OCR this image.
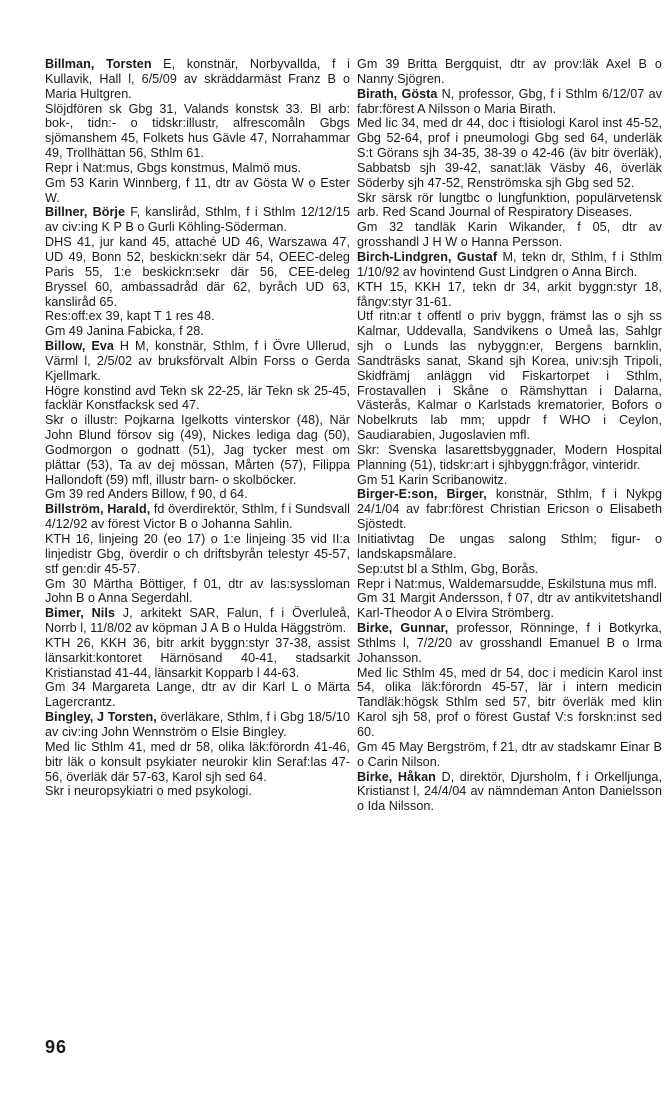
Billman, Torsten E, konstnär, Norbyvallda, f i Kullavik, Hall l, 6/5/09 av skräddarmäst Franz B o Maria Hultgren.

Slöjdfören sk Gbg 31, Valands konstsk 33. Bl arb: bok-, tidn:- o tidskr:illustr, alfrescomåln Gbgs sjömanshem 45, Folkets hus Gävle 47, Norrahammar 49, Trollhättan 56, Sthlm 61.

Repr i Nat:mus, Gbgs konstmus, Malmö mus.

Gm 53 Karin Winnberg, f 11, dtr av Gösta W o Ester W.

Billner, Börje F, kansliråd, Sthlm, f i Sthlm 12/12/15 av civ:ing K P B o Gurli Köhling-Söderman.

DHS 41, jur kand 45, attaché UD 46, Warszawa 47, UD 49, Bonn 52, beskickn:sekr där 54, OEEC-deleg Paris 55, 1:e beskickn:sekr där 56, CEE-deleg Bryssel 60, ambassadråd där 62, byråch UD 63, kansliråd 65.

Res:off:ex 39, kapt T 1 res 48.

Gm 49 Janina Fabicka, f 28.

Billow, Eva H M, konstnär, Sthlm, f i Övre Ullerud, Värml l, 2/5/02 av bruksförvalt Albin Forss o Gerda Kjellmark.

Högre konstind avd Tekn sk 22-25, lär Tekn sk 25-45, facklär Konstfacksk sed 47.

Skr o illustr: Pojkarna Igelkotts vinterskor (48), När John Blund försov sig (49), Nickes lediga dag (50), Godmorgon o godnatt (51), Jag tycker mest om plättar (53), Ta av dej mössan, Mårten (57), Filippa Hallondoft (59) mfl, illustr barn- o skolböcker.

Gm 39 red Anders Billow, f 90, d 64.

Billström, Harald, fd överdirektör, Sthlm, f i Sundsvall 4/12/92 av förest Victor B o Johanna Sahlin.

KTH 16, linjeing 20 (eo 17) o 1:e linjeing 35 vid II:a linjedistr Gbg, överdir o ch driftsbyrån telestyr 45-57, stf gen:dir 45-57.

Gm 30 Märtha Böttiger, f 01, dtr av las:syssloman John B o Anna Segerdahl.

Bimer, Nils J, arkitekt SAR, Falun, f i Överluleå, Norrb l, 11/8/02 av köpman J A B o Hulda Häggström.

KTH 26, KKH 36, bitr arkit byggn:styr 37-38, assist länsarkit:kontoret Härnösand 40-41, stadsarkit Kristianstad 41-44, länsarkit Kopparb l 44-63.

Gm 34 Margareta Lange, dtr av dir Karl L o Märta Lagercrantz.

Bingley, J Torsten, överläkare, Sthlm, f i Gbg 18/5/10 av civ:ing John Wennström o Elsie Bingley.

Med lic Sthlm 41, med dr 58, olika läk:förordn 41-46, bitr läk o konsult psykiater neurokir klin Seraf:las 47-56, överläk där 57-63, Karol sjh sed 64.

Skr i neuropsykiatri o med psykologi.

Gm 39 Britta Bergquist, dtr av prov:läk Axel B o Nanny Sjögren.

Birath, Gösta N, professor, Gbg, f i Sthlm 6/12/07 av fabr:förest A Nilsson o Maria Birath.

Med lic 34, med dr 44, doc i ftisiologi Karol inst 45-52, Gbg 52-64, prof i pneumologi Gbg sed 64, underläk S:t Görans sjh 34-35, 38-39 o 42-46 (äv bitr överläk), Sabbatsb sjh 39-42, sanat:läk Väsby 46, överläk Söderby sjh 47-52, Renströmska sjh Gbg sed 52.

Skr särsk rör lungtbc o lungfunktion, populärvetensk arb. Red Scand Journal of Respiratory Diseases.

Gm 32 tandläk Karin Wikander, f 05, dtr av grosshandl J H W o Hanna Persson.

Birch-Lindgren, Gustaf M, tekn dr, Sthlm, f i Sthlm 1/10/92 av hovintend Gust Lindgren o Anna Birch.

KTH 15, KKH 17, tekn dr 34, arkit byggn:styr 18, fångv:styr 31-61.

Utf ritn:ar t offentl o priv byggn, främst las o sjh ss Kalmar, Uddevalla, Sandvikens o Umeå las, Sahlgr sjh o Lunds las nybyggn:er, Bergens barnklin, Sandträsks sanat, Skand sjh Korea, univ:sjh Tripoli, Skidfrämj anläggn vid Fiskartorpet i Sthlm, Frostavallen i Skåne o Rämshyttan i Dalarna, Västerås, Kalmar o Karlstads krematorier, Bofors o Nobelkruts lab mm; uppdr f WHO i Ceylon, Saudiarabien, Jugoslavien mfl.

Skr: Svenska lasarettsbyggnader, Modern Hospital Planning (51), tidskr:art i sjhbyggn:frågor, vinteridr.

Gm 51 Karin Scribanowitz.

Birger-E:son, Birger, konstnär, Sthlm, f i Nykpg 24/1/04 av fabr:förest Christian Ericson o Elisabeth Sjöstedt.

Initiativtag De ungas salong Sthlm; figur- o landskapsmålare.

Sep:utst bl a Sthlm, Gbg, Borås.

Repr i Nat:mus, Waldemarsudde, Eskilstuna mus mfl.

Gm 31 Margit Andersson, f 07, dtr av antikvitetshandl Karl-Theodor A o Elvira Strömberg.

Birke, Gunnar, professor, Rönninge, f i Botkyrka, Sthlms l, 7/2/20 av grosshandl Emanuel B o Irma Johansson.

Med lic Sthlm 45, med dr 54, doc i medicin Karol inst 54, olika läk:förordn 45-57, lär i intern medicin Tandläk:högsk Sthlm sed 57, bitr överläk med klin Karol sjh 58, prof o förest Gustaf V:s forskn:inst sed 60.

Gm 45 May Bergström, f 21, dtr av stadskamr Einar B o Carin Nilson.

Birke, Håkan D, direktör, Djursholm, f i Orkelljunga, Kristianst l, 24/4/04 av nämndeman Anton Danielsson o Ida Nilsson.

96
